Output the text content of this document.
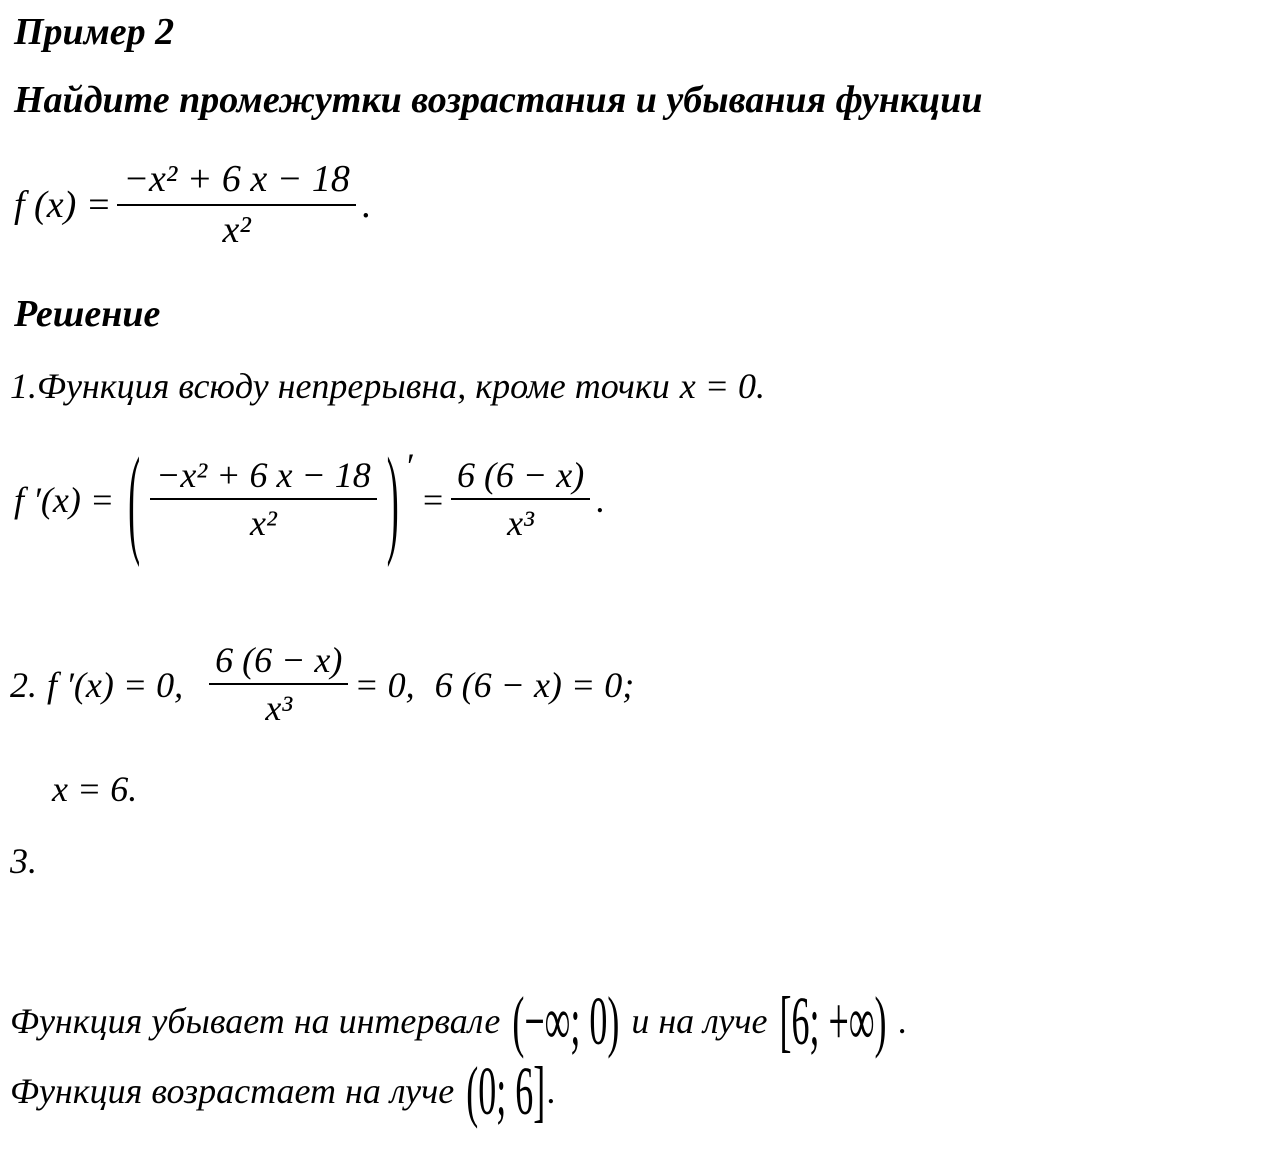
Пример 2
Найдите промежутки возрастания и убывания функции
f $(x) = \frac{\text{−x² + 6 x − 18}}{\text{x²}}$ .
Решение
1. Функция всюду непрерывна, кроме точки x = 0.
f ′(x) = ( $\frac{\text{−x² + 6 x − 18}}{\text{x²}}$ ) ′
= $\frac{6 (6 - x)}{\text{x³}}$ .
2. f ′(x) = 0, $\frac{6 (6 - x)}{\text{x³}} = 0$, 6 (6 − x) = 0;
x = 6.
3.
Функция убывает на интервале (−∞; 0) и на луче [6; +∞) .
Функция возрастает на луче (0; 6] .
